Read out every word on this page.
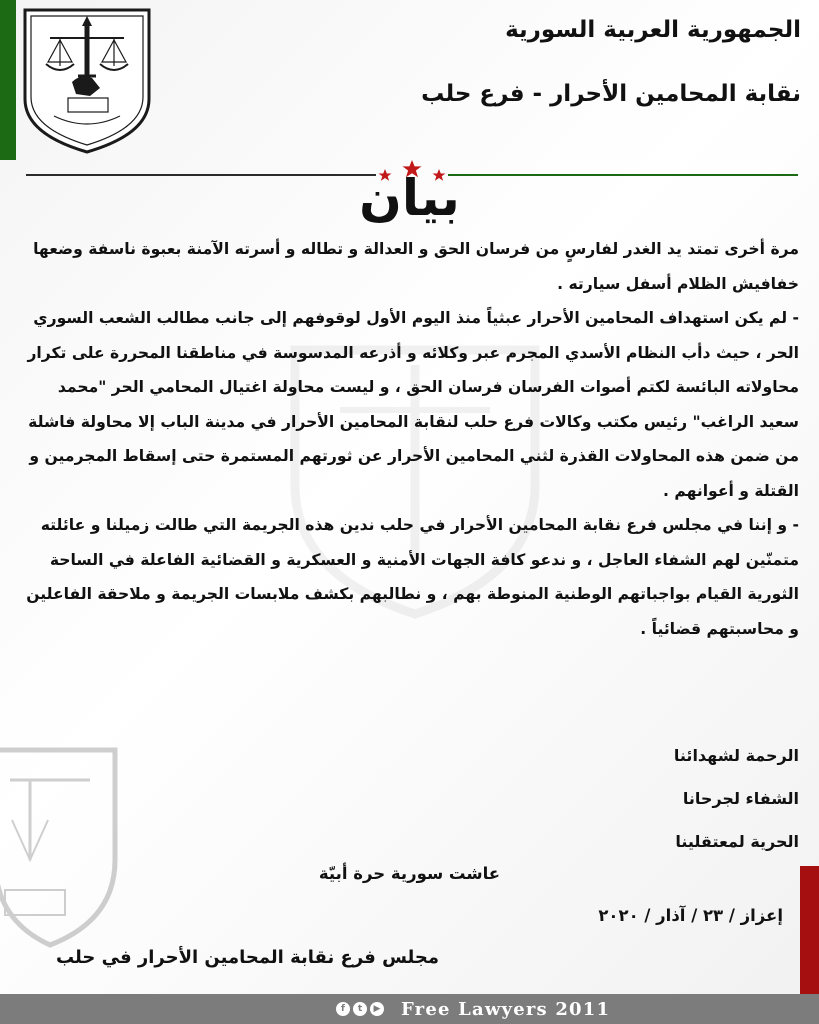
الجمهورية العربية السورية
نقابة المحامين الأحرار - فرع حلب
بيان

مرة أخرى تمتد يد الغدر لفارسٍ من فرسان الحق و العدالة و تطاله و أسرته الآمنة بعبوة ناسفة وضعها خفافيش الظلام أسفل سيارته .

- لم يكن استهداف المحامين الأحرار عبثياً منذ اليوم الأول لوقوفهم إلى جانب مطالب الشعب السوري الحر ، حيث دأب النظام الأسدي المجرم عبر وكلائه و أذرعه المدسوسة في مناطقنا المحررة على تكرار محاولاته البائسة لكتم أصوات الفرسان فرسان الحق ، و ليست محاولة اغتيال المحامي الحر "محمد سعيد الراغب" رئيس مكتب وكالات فرع حلب لنقابة المحامين الأحرار في مدينة الباب إلا محاولة فاشلة من ضمن هذه المحاولات القذرة لثني المحامين الأحرار عن ثورتهم المستمرة حتى إسقاط المجرمين و القتلة و أعوانهم .

- و إننا في مجلس فرع نقابة المحامين الأحرار في حلب ندين هذه الجريمة التي طالت زميلنا و عائلته متمنّين لهم الشفاء العاجل ، و ندعو كافة الجهات الأمنية و العسكرية و القضائية الفاعلة في الساحة الثورية القيام بواجباتهم الوطنية المنوطة بهم ، و نطالبهم بكشف ملابسات الجريمة و ملاحقة الفاعلين و محاسبتهم قضائياً .

الرحمة لشهدائنا
الشفاء لجرحانا
الحرية لمعتقلينا
عاشت سورية حرة أبيّة
إعزاز / ٢٣ / آذار / ٢٠٢٠
مجلس فرع نقابة المحامين الأحرار في حلب
f	t	▶ Free Lawyers 2011
